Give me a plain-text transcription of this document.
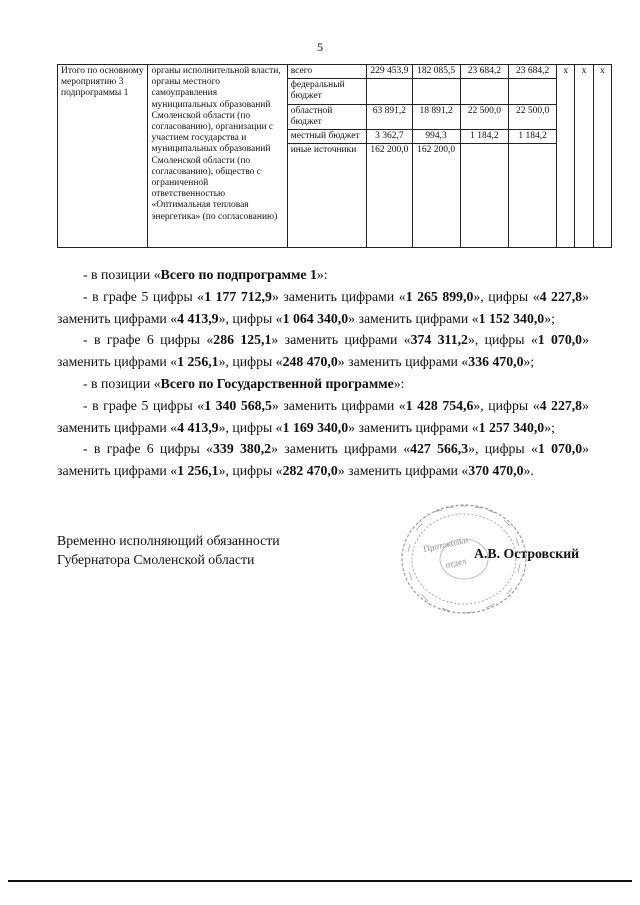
5
Итого по основному мероприятию 3 подпрограммы 1	органы исполнительной власти, органы местного самоуправления муниципальных образований Смоленской области (по согласованию), организации с участием государства и муниципальных образований Смоленской области (по согласованию), общество с ограниченной ответственностью «Оптимальная тепловая энергетика» (по согласованию)	всего	229 453,9	182 085,5	23 684,2	23 684,2	x	x	x
		федеральный бюджет							
		областной бюджет	63 891,2	18 891,2	22 500,0	22 500,0			
		местный бюджет	3 362,7	994,3	1 184,2	1 184,2			
		иные источники	162 200,0	162 200,0					

- в позиции «Всего по подпрограмме 1»:

- в графе 5 цифры «1 177 712,9» заменить цифрами «1 265 899,0», цифры «4 227,8» заменить цифрами «4 413,9», цифры «1 064 340,0» заменить цифрами «1 152 340,0»;

- в графе 6 цифры «286 125,1» заменить цифрами «374 311,2», цифры «1 070,0» заменить цифрами «1 256,1», цифры «248 470,0» заменить цифрами «336 470,0»;

- в позиции «Всего по Государственной программе»:

- в графе 5 цифры «1 340 568,5» заменить цифрами «1 428 754,6», цифры «4 227,8» заменить цифрами «4 413,9», цифры «1 169 340,0» заменить цифрами «1 257 340,0»;

- в графе 6 цифры «339 380,2» заменить цифрами «427 566,3», цифры «1 070,0» заменить цифрами «1 256,1», цифры «282 470,0» заменить цифрами «370 470,0».

Временно исполняющий обязанности
Губернатора Смоленской области
Протокольн
отдел
А.В. Островский
